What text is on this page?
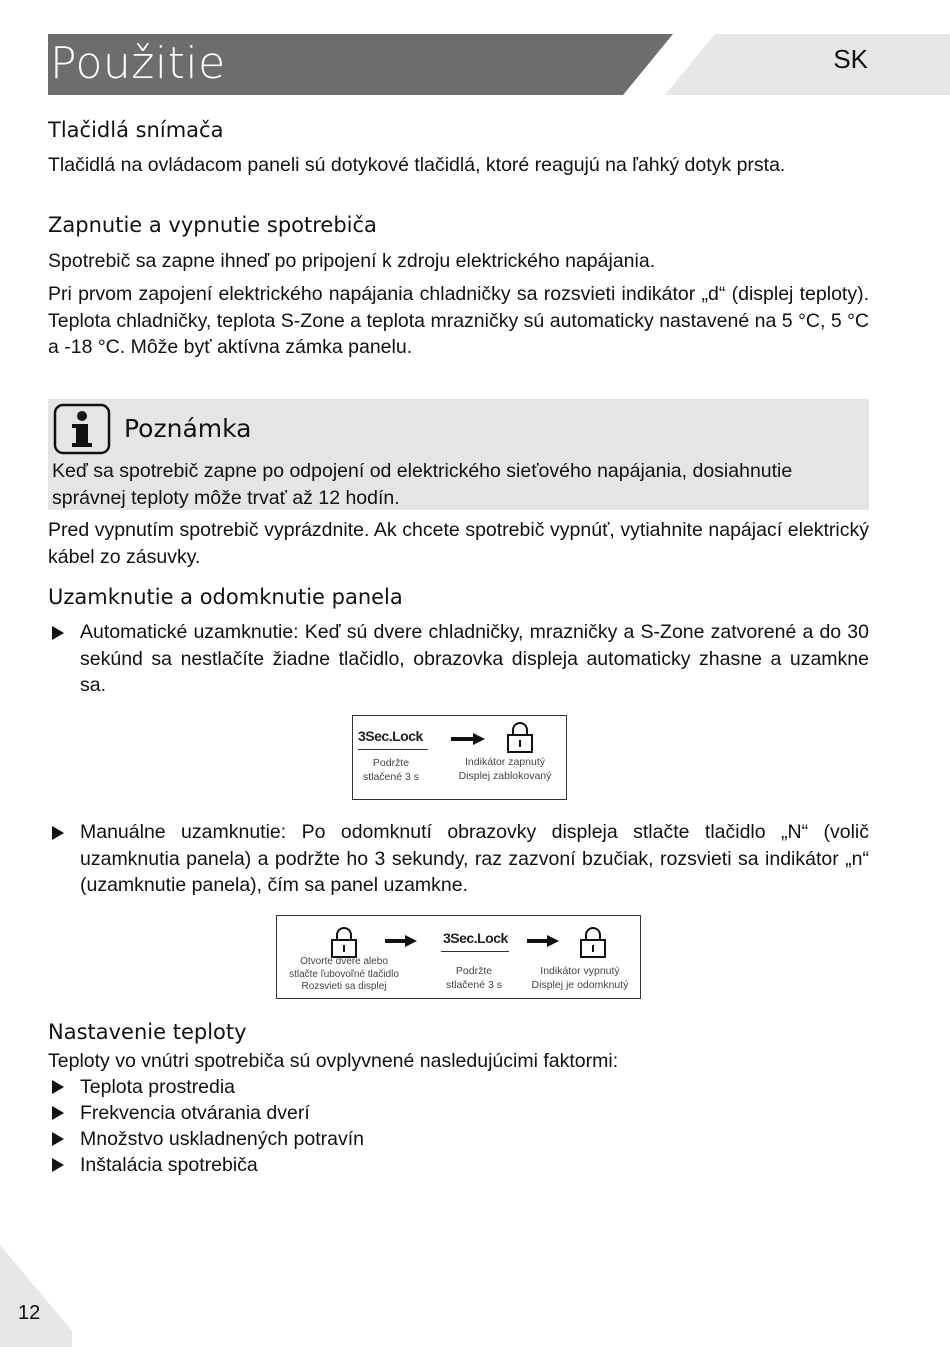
Použitie	SK
Tlačidlá snímača

Tlačidlá na ovládacom paneli sú dotykové tlačidlá, ktoré reagujú na ľahký dotyk prsta.

Zapnutie a vypnutie spotrebiča

Spotrebič sa zapne ihneď po pripojení k zdroju elektrického napájania.

Pri prvom zapojení elektrického napájania chladničky sa rozsvieti indikátor „d“ (displej teploty). Teplota chladničky, teplota S-Zone a teplota mrazničky sú automaticky nastavené na 5 °C, 5 °C a -18 °C. Môže byť aktívna zámka panelu.

Poznámka

Keď sa spotrebič zapne po odpojení od elektrického sieťového napájania, dosiahnutie správnej teploty môže trvať až 12 hodín.

Pred vypnutím spotrebič vyprázdnite. Ak chcete spotrebič vypnúť, vytiahnite napájací elektrický kábel zo zásuvky.

Uzamknutie a odomknutie panela

Automatické uzamknutie: Keď sú dvere chladničky, mrazničky a S-Zone zatvorené a do 30 sekúnd sa nestlačíte žiadne tlačidlo, obrazovka displeja automaticky zhasne a uzamkne sa.

3Sec.Lock
Podržte
stlačené 3 s
Indikátor zapnutý
Displej zablokovaný

Manuálne uzamknutie: Po odomknutí obrazovky displeja stlačte tlačidlo „N“ (volič uzamknutia panela) a podržte ho 3 sekundy, raz zazvoní bzučiak, rozsvieti sa indikátor „n“ (uzamknutie panela), čím sa panel uzamkne.

Otvorte dvere alebo
stlačte ľubovoľné tlačidlo
Rozsvieti sa displej
3Sec.Lock
Podržte
stlačené 3 s
Indikátor vypnutý
Displej je odomknutý
Nastavenie teploty
Teploty vo vnútri spotrebiča sú ovplyvnené nasledujúcimi faktormi:
Teplota prostredia
Frekvencia otvárania dverí
Množstvo uskladnených potravín
Inštalácia spotrebiča
12
